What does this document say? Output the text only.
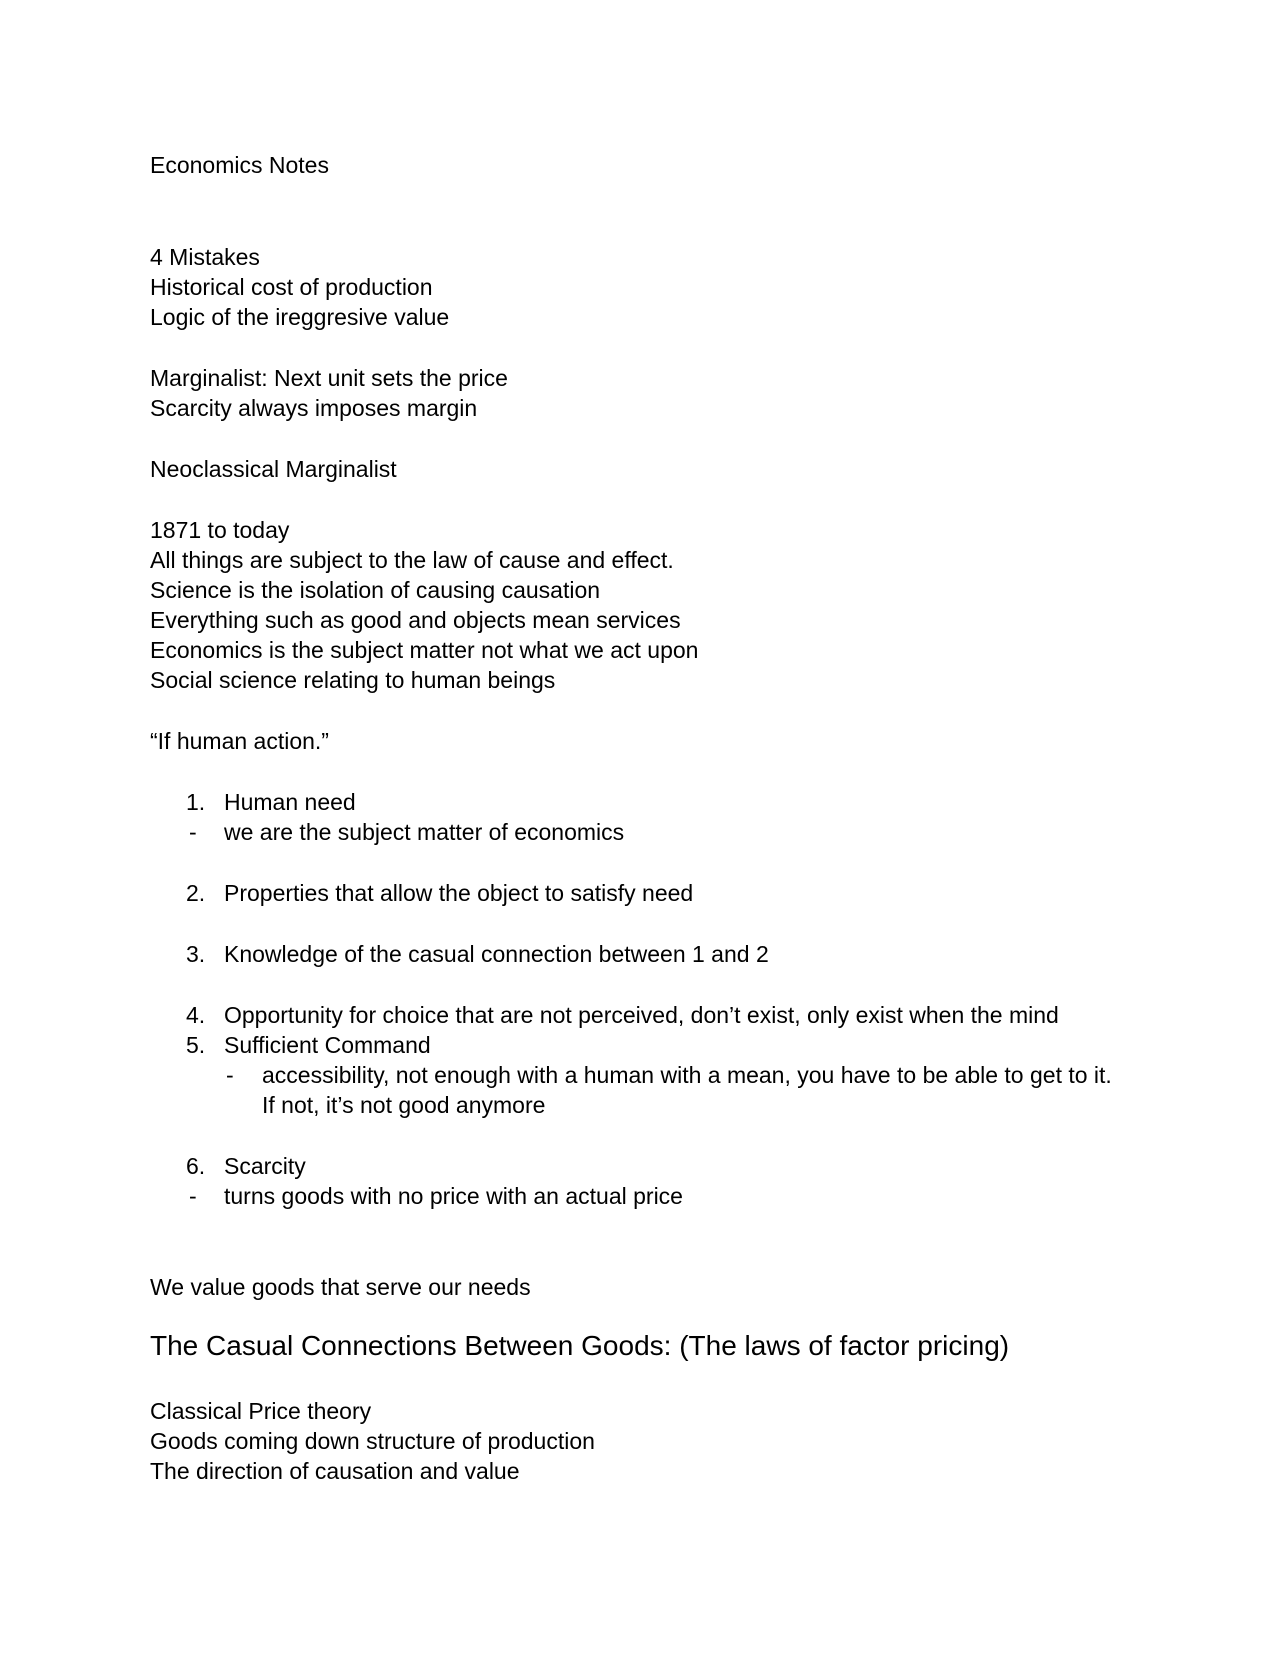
Economics Notes
4 Mistakes
Historical cost of production
Logic of the ireggresive value
Marginalist: Next unit sets the price
Scarcity always imposes margin
Neoclassical Marginalist
1871 to today
All things are subject to the law of cause and effect.
Science is the isolation of causing causation
Everything such as good and objects mean services
Economics is the subject matter not what we act upon
Social science relating to human beings
“If human action.”
1. Human need
- we are the subject matter of economics
2. Properties that allow the object to satisfy need
3. Knowledge of the casual connection between 1 and 2
4. Opportunity for choice that are not perceived, don’t exist, only exist when the mind
5. Sufficient Command
- accessibility, not enough with a human with a mean, you have to be able to get to it.
If not, it’s not good anymore
6. Scarcity
- turns goods with no price with an actual price
We value goods that serve our needs
The Casual Connections Between Goods: (The laws of factor pricing)
Classical Price theory
Goods coming down structure of production
The direction of causation and value
